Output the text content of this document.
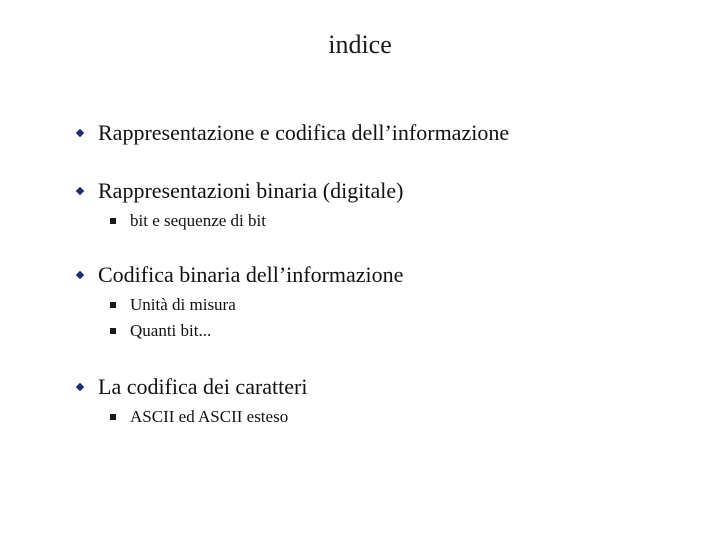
indice
Rappresentazione e codifica dell’informazione
Rappresentazioni binaria (digitale)
bit e sequenze di bit
Codifica binaria dell’informazione
Unità di misura
Quanti bit...
La codifica dei caratteri
ASCII ed ASCII esteso
